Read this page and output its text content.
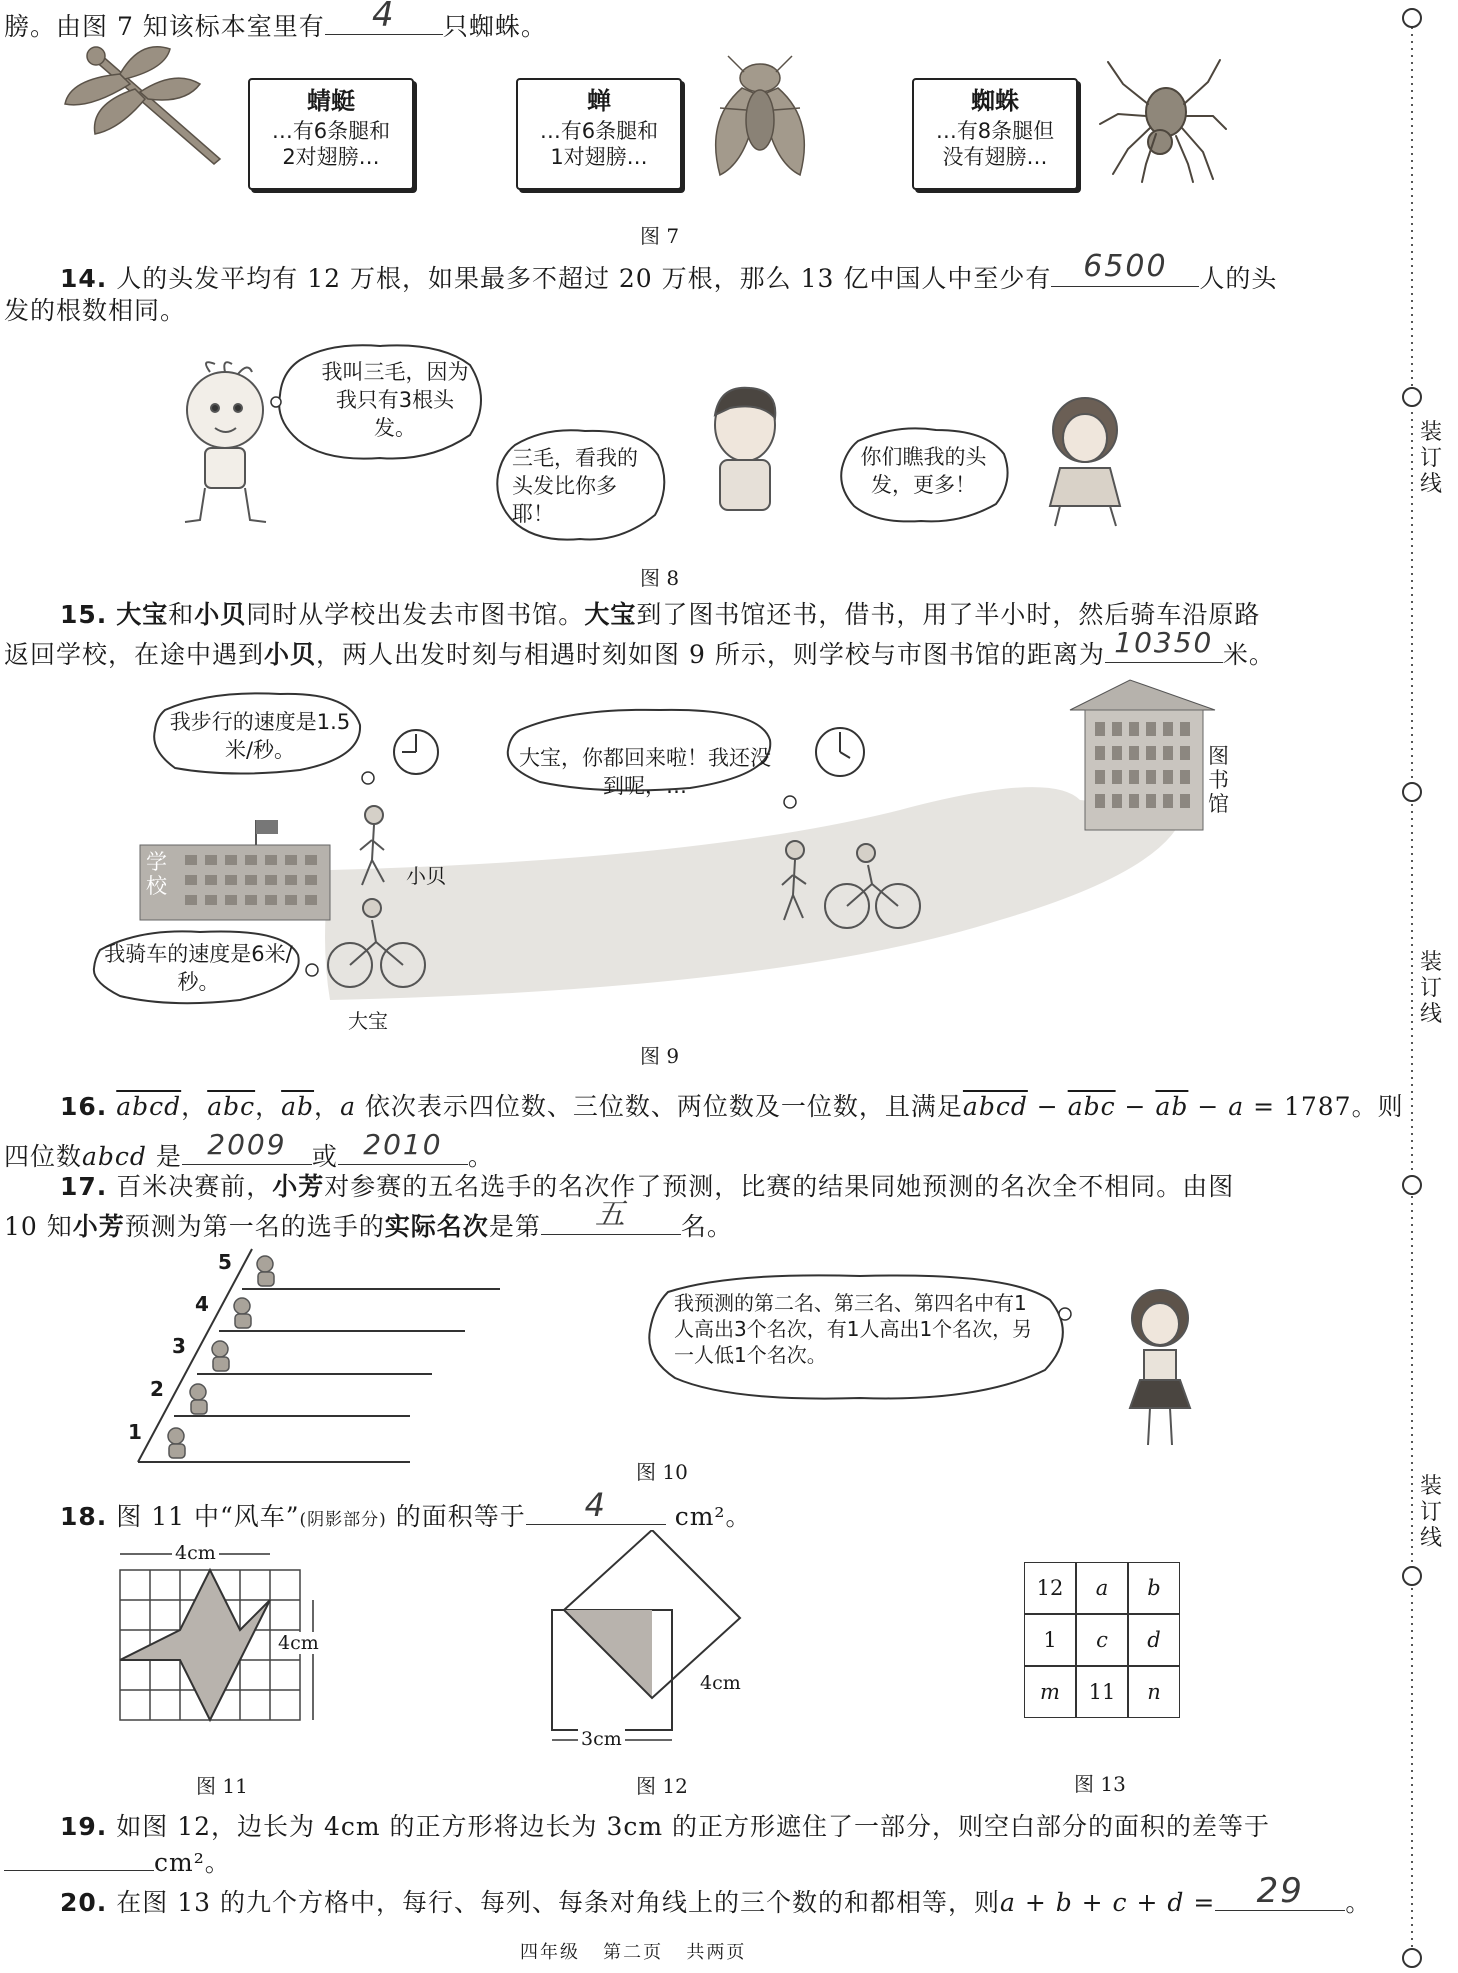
膀。由图 7 知该标本室里有	4	只蜘蛛。
蜻蜓
…有6条腿和
2对翅膀…
蝉
…有6条腿和
1对翅膀…
蜘蛛
…有8条腿但
没有翅膀…
图 7
14. 人的头发平均有 12 万根，如果最多不超过 20 万根，那么 13 亿中国人中至少有	6500	人的头
发的根数相同。
我叫三毛，因为我只有3根头发。
三毛，看我的头发比你多耶！
你们瞧我的头发，更多！
图 8
15. 大宝和小贝同时从学校出发去市图书馆。大宝到了图书馆还书，借书，用了半小时，然后骑车沿原路
返回学校，在途中遇到小贝，两人出发时刻与相遇时刻如图 9 所示，则学校与市图书馆的距离为 10350 米。
我步行的速度是1.5米/秒。	大宝，你都回来啦！我还没到呢，…
我骑车的速度是6米/秒。
学校
图书馆
小贝
大宝
图 9
16. abcd，$\overline{abc}$，$\overline{ab}$，a 依次表示四位数、三位数、两位数及一位数，且满足abcd − $\overline{abc} - \overline{ab} - a = 1787$。则
四位数abcd 是 2009	或 2010	。
17. 百米决赛前，小芳对参赛的五名选手的名次作了预测，比赛的结果同她预测的名次全不相同。由图
10 知小芳预测为第一名的选手的实际名次是第	五	名。
5
4
3
2
1
我预测的第二名、第三名、第四名中有1人高出3个名次，有1人高出1个名次，另一人低1个名次。
图 10
18. 图 11 中“风车”(阴影部分) 的面积等于	4	cm²。
4cm
4cm
图 11
3cm
4cm
图 12
12	a	b
1	c	d
m	11	n
图 13
19. 如图 12，边长为 4cm 的正方形将边长为 3cm 的正方形遮住了一部分，则空白部分的面积的差等于
cm²。
20. 在图 13 的九个方格中，每行、每列、每条对角线上的三个数的和都相等，则a + b + c + d =	29	。
四年级 第二页 共两页
装订线
装订线
装订线
